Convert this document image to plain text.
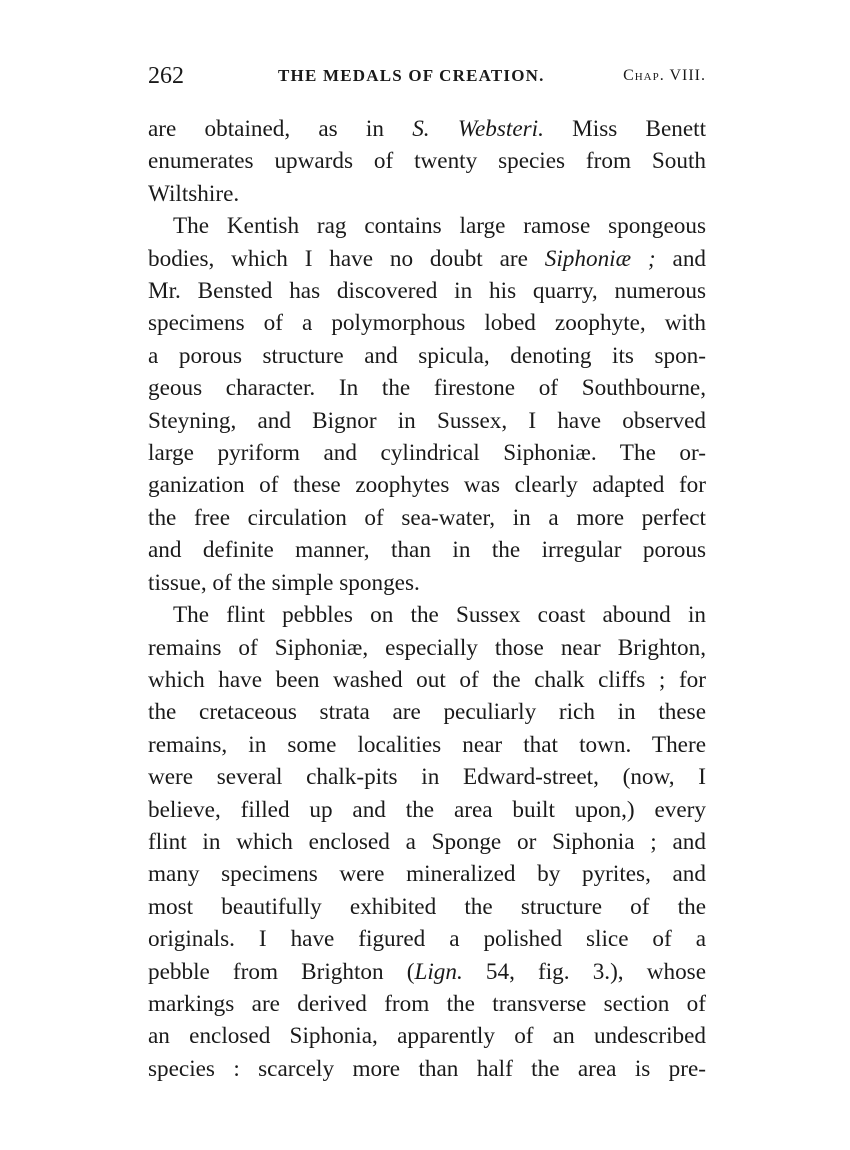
262	THE MEDALS OF CREATION.	Chap. VIII.

are obtained, as in S. Websteri. Miss Benett
enumerates upwards of twenty species from South
Wiltshire.

The Kentish rag contains large ramose spongeous
bodies, which I have no doubt are Siphoniæ ; and
Mr. Bensted has discovered in his quarry, numerous
specimens of a polymorphous lobed zoophyte, with
a porous structure and spicula, denoting its spon-
geous character. In the firestone of Southbourne,
Steyning, and Bignor in Sussex, I have observed
large pyriform and cylindrical Siphoniæ. The or-
ganization of these zoophytes was clearly adapted for
the free circulation of sea-water, in a more perfect
and definite manner, than in the irregular porous
tissue, of the simple sponges.

The flint pebbles on the Sussex coast abound in
remains of Siphoniæ, especially those near Brighton,
which have been washed out of the chalk cliffs ; for
the cretaceous strata are peculiarly rich in these
remains, in some localities near that town. There
were several chalk-pits in Edward-street, (now, I
believe, filled up and the area built upon,) every
flint in which enclosed a Sponge or Siphonia ; and
many specimens were mineralized by pyrites, and
most beautifully exhibited the structure of the
originals. I have figured a polished slice of a
pebble from Brighton (Lign. 54, fig. 3.), whose
markings are derived from the transverse section of
an enclosed Siphonia, apparently of an undescribed
species : scarcely more than half the area is pre-
